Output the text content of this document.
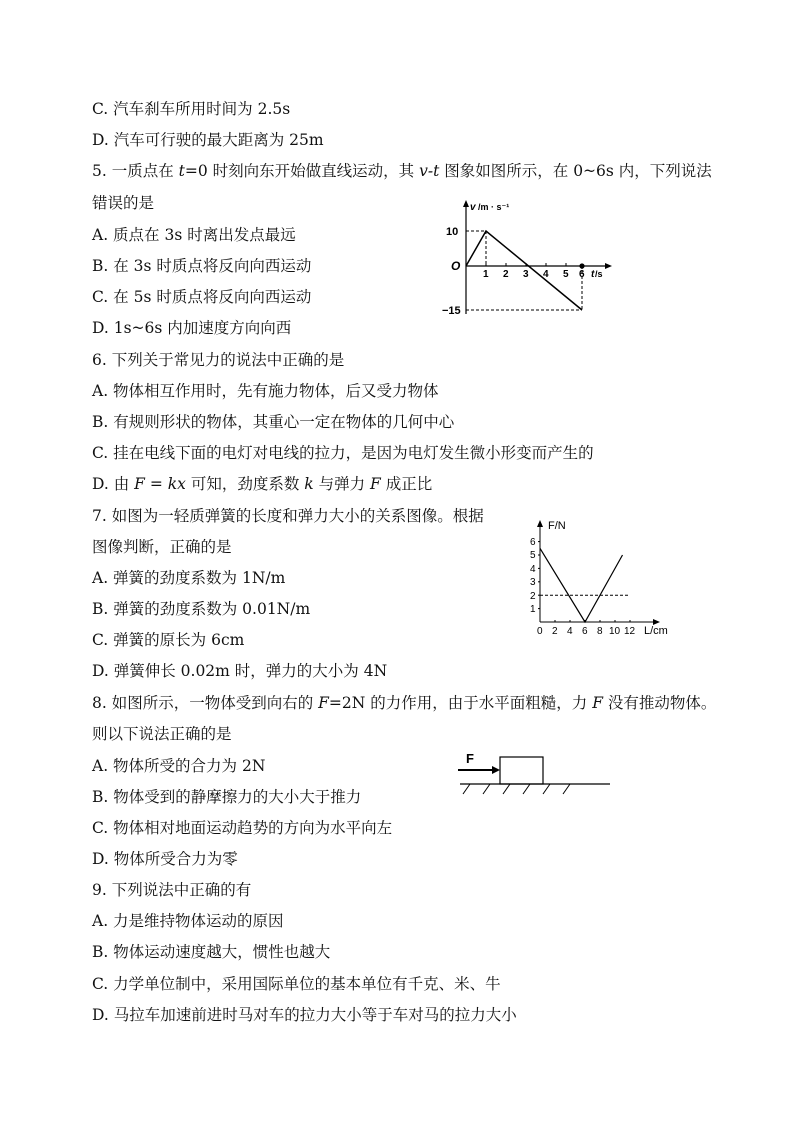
C. 汽车刹车所用时间为 2.5s
D. 汽车可行驶的最大距离为 25m
5. 一质点在 t=0 时刻向东开始做直线运动，其 v-t 图象如图所示，在 0~6s 内，下列说法
错误的是
A. 质点在 3s 时离出发点最远
B. 在 3s 时质点将反向向西运动
C. 在 5s 时质点将反向向西运动
D. 1s~6s 内加速度方向向西
v /m · s⁻¹
10
−15
O
1 2 3 4 5 6 t /s
6. 下列关于常见力的说法中正确的是
A. 物体相互作用时，先有施力物体，后又受力物体
B. 有规则形状的物体，其重心一定在物体的几何中心
C. 挂在电线下面的电灯对电线的拉力，是因为电灯发生微小形变而产生的
D. 由 F = kx 可知，劲度系数 k 与弹力 F 成正比
7. 如图为一轻质弹簧的长度和弹力大小的关系图像。根据
图像判断，正确的是
A. 弹簧的劲度系数为 1N/m
B. 弹簧的劲度系数为 0.01N/m
C. 弹簧的原长为 6cm
D. 弹簧伸长 0.02m 时，弹力的大小为 4N
F/N
1
2
3
4
5
6
0 2 4 6 8 10 12 L/cm
8. 如图所示，一物体受到向右的 F=2N 的力作用，由于水平面粗糙，力 F 没有推动物体。
则以下说法正确的是
A. 物体所受的合力为 2N
B. 物体受到的静摩擦力的大小大于推力
C. 物体相对地面运动趋势的方向为水平向左
D. 物体所受合力为零
F
9. 下列说法中正确的有
A. 力是维持物体运动的原因
B. 物体运动速度越大，惯性也越大
C. 力学单位制中，采用国际单位的基本单位有千克、米、牛
D. 马拉车加速前进时马对车的拉力大小等于车对马的拉力大小
